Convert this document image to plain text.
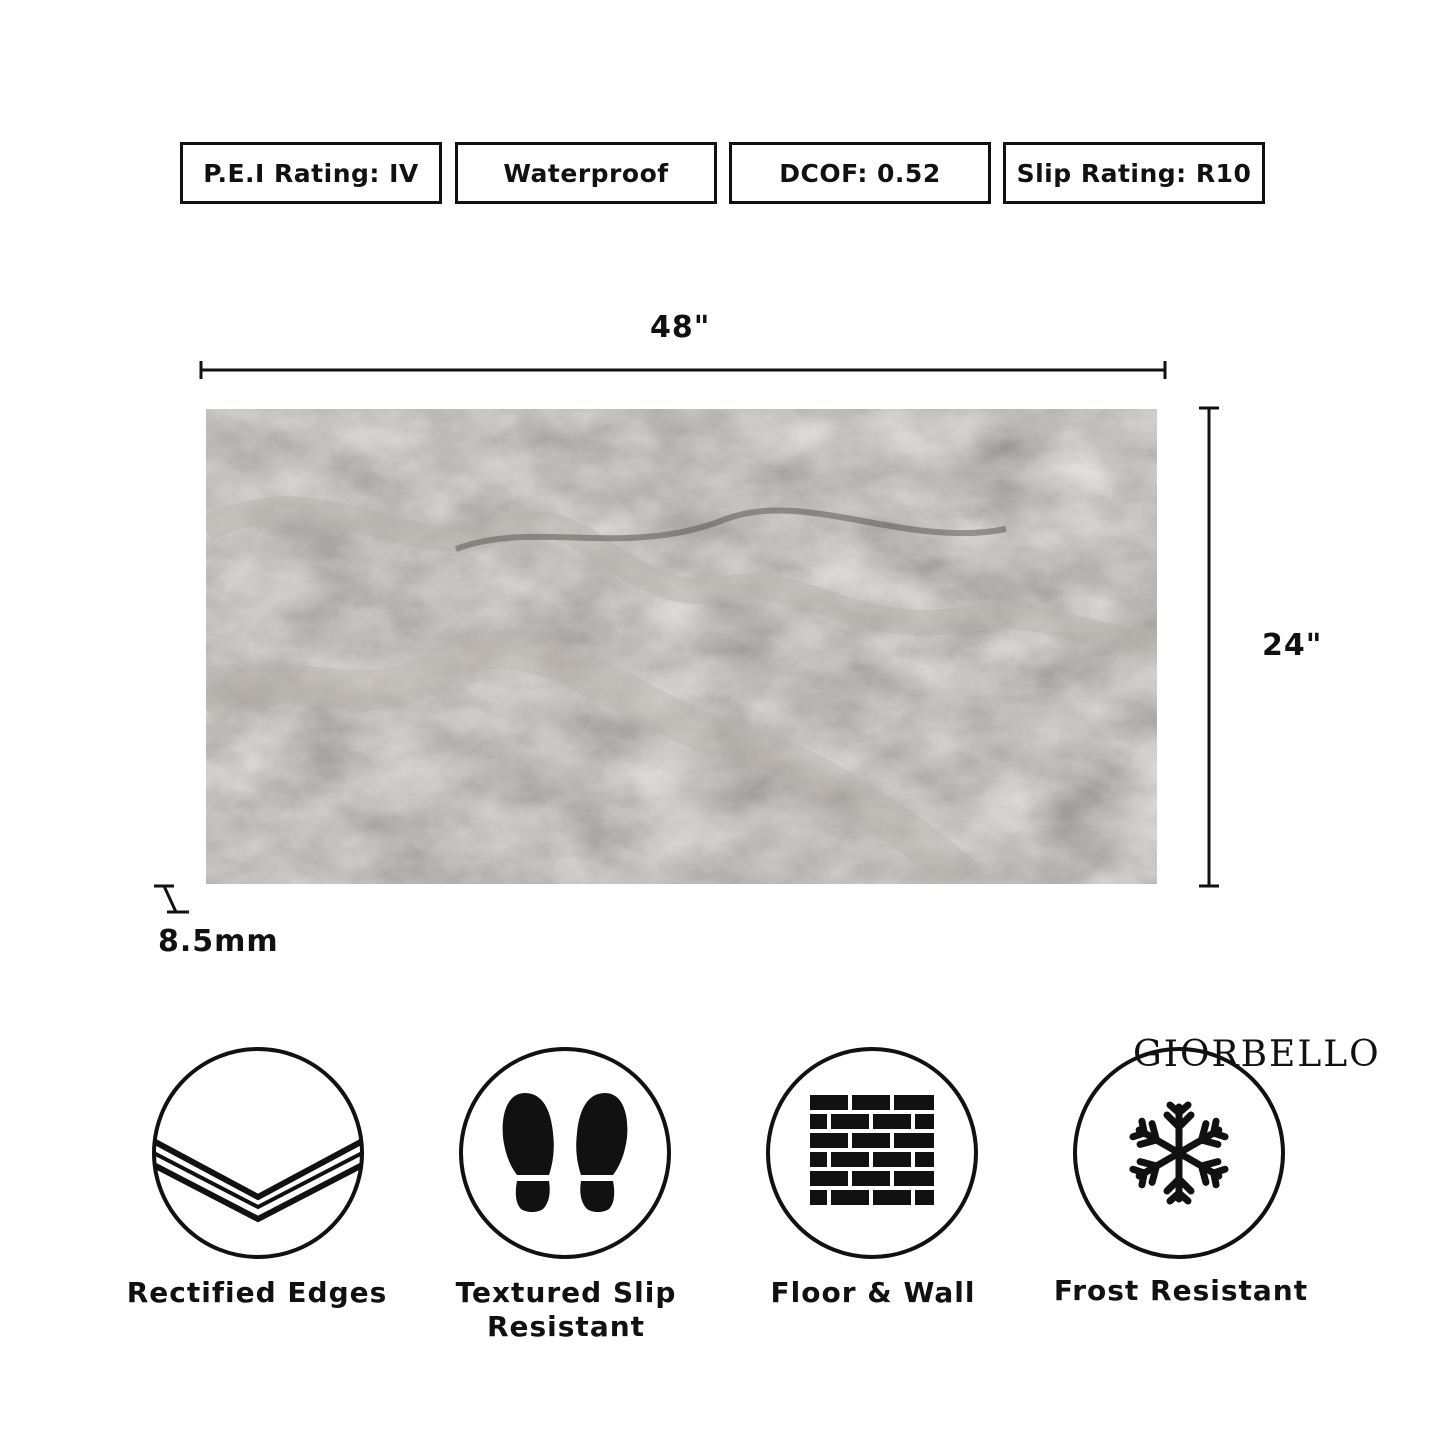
P.E.I Rating: IV	Waterproof	DCOF: 0.52	Slip Rating: R10
48"
24"
8.5mm
Rectified Edges	Textured Slip Resistant
Floor & Wall	Frost Resistant
GIORBELLO
